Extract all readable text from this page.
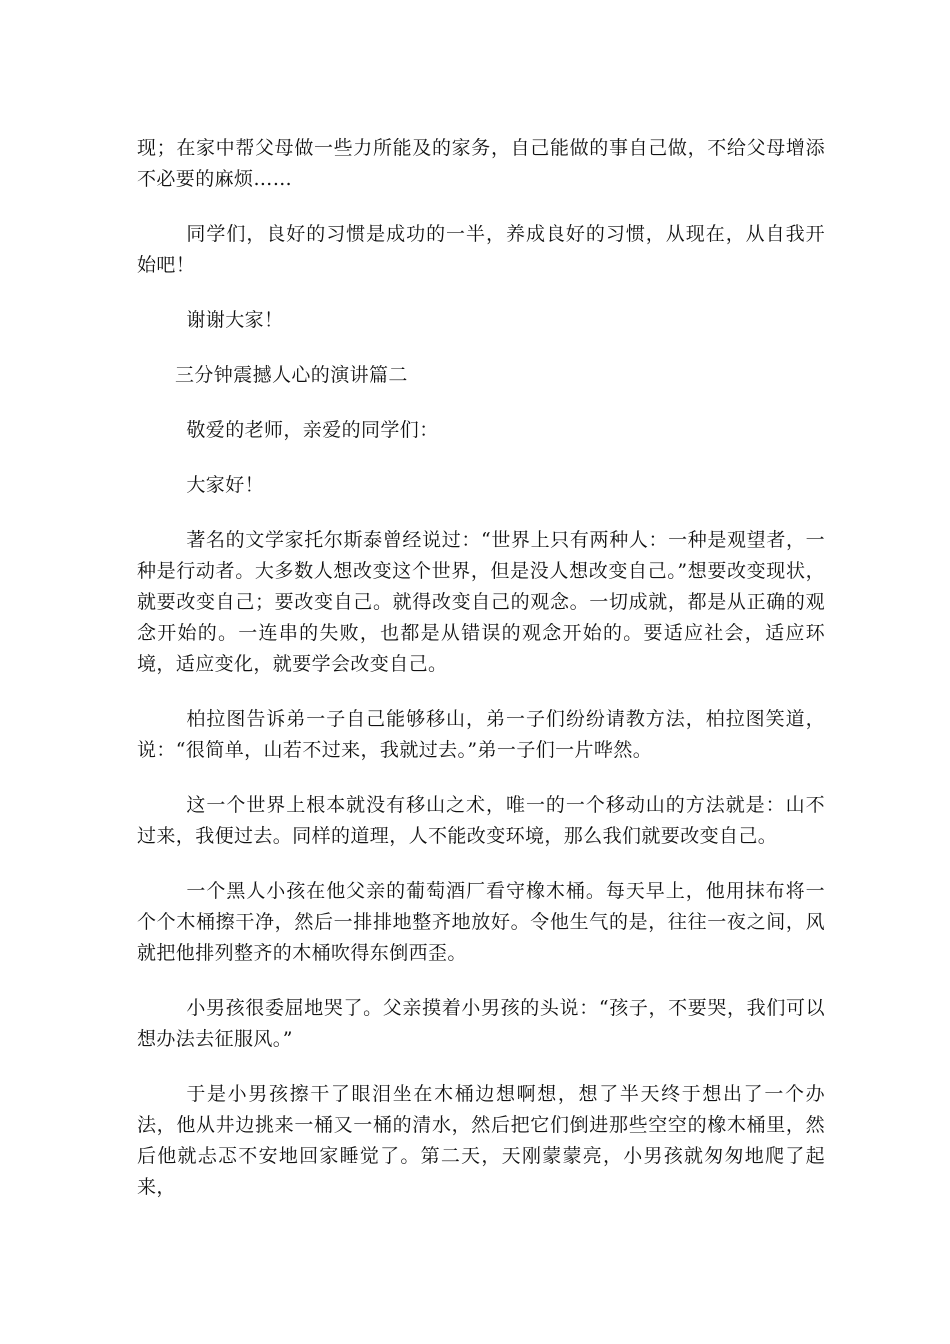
现；在家中帮父母做一些力所能及的家务，自己能做的事自己做，不给父母增添不必要的麻烦……

同学们，良好的习惯是成功的一半，养成良好的习惯，从现在，从自我开始吧！

谢谢大家！

三分钟震撼人心的演讲篇二

敬爱的老师，亲爱的同学们：

大家好！

著名的文学家托尔斯泰曾经说过：“世界上只有两种人：一种是观望者，一种是行动者。大多数人想改变这个世界，但是没人想改变自己。”想要改变现状，就要改变自己；要改变自己。就得改变自己的观念。一切成就，都是从正确的观念开始的。一连串的失败，也都是从错误的观念开始的。要适应社会，适应环境，适应变化，就要学会改变自己。

柏拉图告诉弟一子自己能够移山，弟一子们纷纷请教方法，柏拉图笑道，说：“很简单，山若不过来，我就过去。”弟一子们一片哗然。

这一个世界上根本就没有移山之术，唯一的一个移动山的方法就是：山不过来，我便过去。同样的道理，人不能改变环境，那么我们就要改变自己。

一个黑人小孩在他父亲的葡萄酒厂看守橡木桶。每天早上，他用抹布将一个个木桶擦干净，然后一排排地整齐地放好。令他生气的是，往往一夜之间，风就把他排列整齐的木桶吹得东倒西歪。

小男孩很委屈地哭了。父亲摸着小男孩的头说：“孩子，不要哭，我们可以想办法去征服风。”

于是小男孩擦干了眼泪坐在木桶边想啊想，想了半天终于想出了一个办法，他从井边挑来一桶又一桶的清水，然后把它们倒进那些空空的橡木桶里，然后他就忐忑不安地回家睡觉了。第二天，天刚蒙蒙亮，小男孩就匆匆地爬了起来，
